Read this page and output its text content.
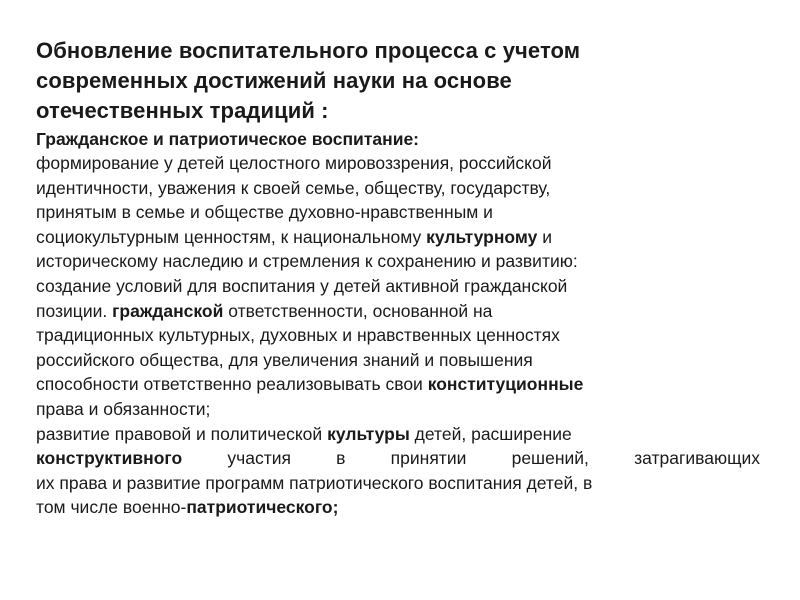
Обновление воспитательного процесса с учетом
современных достижений науки на основе
отечественных традиций :

Гражданское и патриотическое воспитание:

формирование у детей целостного мировоззрения, российской
идентичности, уважения к своей семье, обществу, государству,
принятым в семье и обществе духовно-нравственным и
социокультурным ценностям, к национальному культурному и
историческому наследию и стремления к сохранению и развитию:
создание условий для воспитания у детей активной гражданской
позиции. гражданской ответственности, основанной на
традиционных культурных, духовных и нравственных ценностях
российского общества, для увеличения знаний и повышения
способности ответственно реализовывать свои конституционные
права и обязанности;
развитие правовой и политической культуры детей, расширение
конструктивного участия в принятии решений, затрагивающих
их права и развитие программ патриотического воспитания детей, в
том числе военно-патриотического;
